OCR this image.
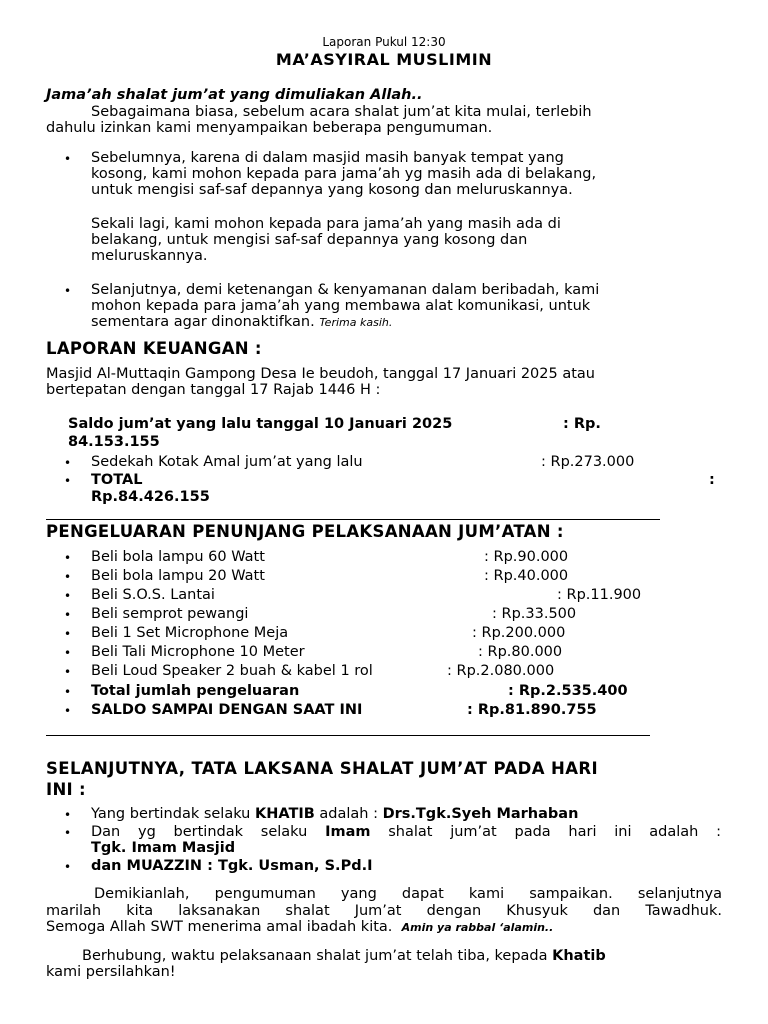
Laporan Pukul 12:30
MA’ASYIRAL MUSLIMIN
Jama’ah shalat jum’at yang dimuliakan Allah..
Sebagaimana biasa, sebelum acara shalat jum’at kita mulai, terlebih
dahulu izinkan kami menyampaikan beberapa pengumuman.
• Sebelumnya, karena di dalam masjid masih banyak tempat yang
kosong, kami mohon kepada para jama’ah yg masih ada di belakang,
untuk mengisi saf-saf depannya yang kosong dan meluruskannya.
Sekali lagi, kami mohon kepada para jama’ah yang masih ada di
belakang, untuk mengisi saf-saf depannya yang kosong dan
meluruskannya.
• Selanjutnya, demi ketenangan & kenyamanan dalam beribadah, kami
mohon kepada para jama’ah yang membawa alat komunikasi, untuk
sementara agar dinonaktifkan. Terima kasih.
LAPORAN KEUANGAN :
Masjid Al-Muttaqin Gampong Desa Ie beudoh, tanggal 17 Januari 2025 atau
bertepatan dengan tanggal 17 Rajab 1446 H :
Saldo jum’at yang lalu tanggal 10 Januari 2025	: Rp.
84.153.155
• Sedekah Kotak Amal jum’at yang lalu	: Rp.273.000
• TOTAL	:
Rp.84.426.155
PENGELUARAN PENUNJANG PELAKSANAAN JUM’ATAN :
• Beli bola lampu 60 Watt	: Rp.90.000
• Beli bola lampu 20 Watt	: Rp.40.000
• Beli S.O.S. Lantai	: Rp.11.900
• Beli semprot pewangi	: Rp.33.500
• Beli 1 Set Microphone Meja	: Rp.200.000
• Beli Tali Microphone 10 Meter	: Rp.80.000
• Beli Loud Speaker 2 buah & kabel 1 rol	: Rp.2.080.000
• Total jumlah pengeluaran	: Rp.2.535.400
• SALDO SAMPAI DENGAN SAAT INI	: Rp.81.890.755
SELANJUTNYA, TATA LAKSANA SHALAT JUM’AT PADA HARI
INI :
• Yang bertindak selaku KHATIB adalah : Drs.Tgk.Syeh Marhaban
• Dan yg bertindak selaku Imam shalat jum’at pada hari ini adalah :
Tgk. Imam Masjid
• dan MUAZZIN : Tgk. Usman, S.Pd.I
Demikianlah, pengumuman yang dapat kami sampaikan. selanjutnya
marilah kita laksanakan shalat Jum’at dengan Khusyuk dan Tawadhuk.
Semoga Allah SWT menerima amal ibadah kita. Amin ya rabbal ‘alamin..
Berhubung, waktu pelaksanaan shalat jum’at telah tiba, kepada Khatib
kami persilahkan!
